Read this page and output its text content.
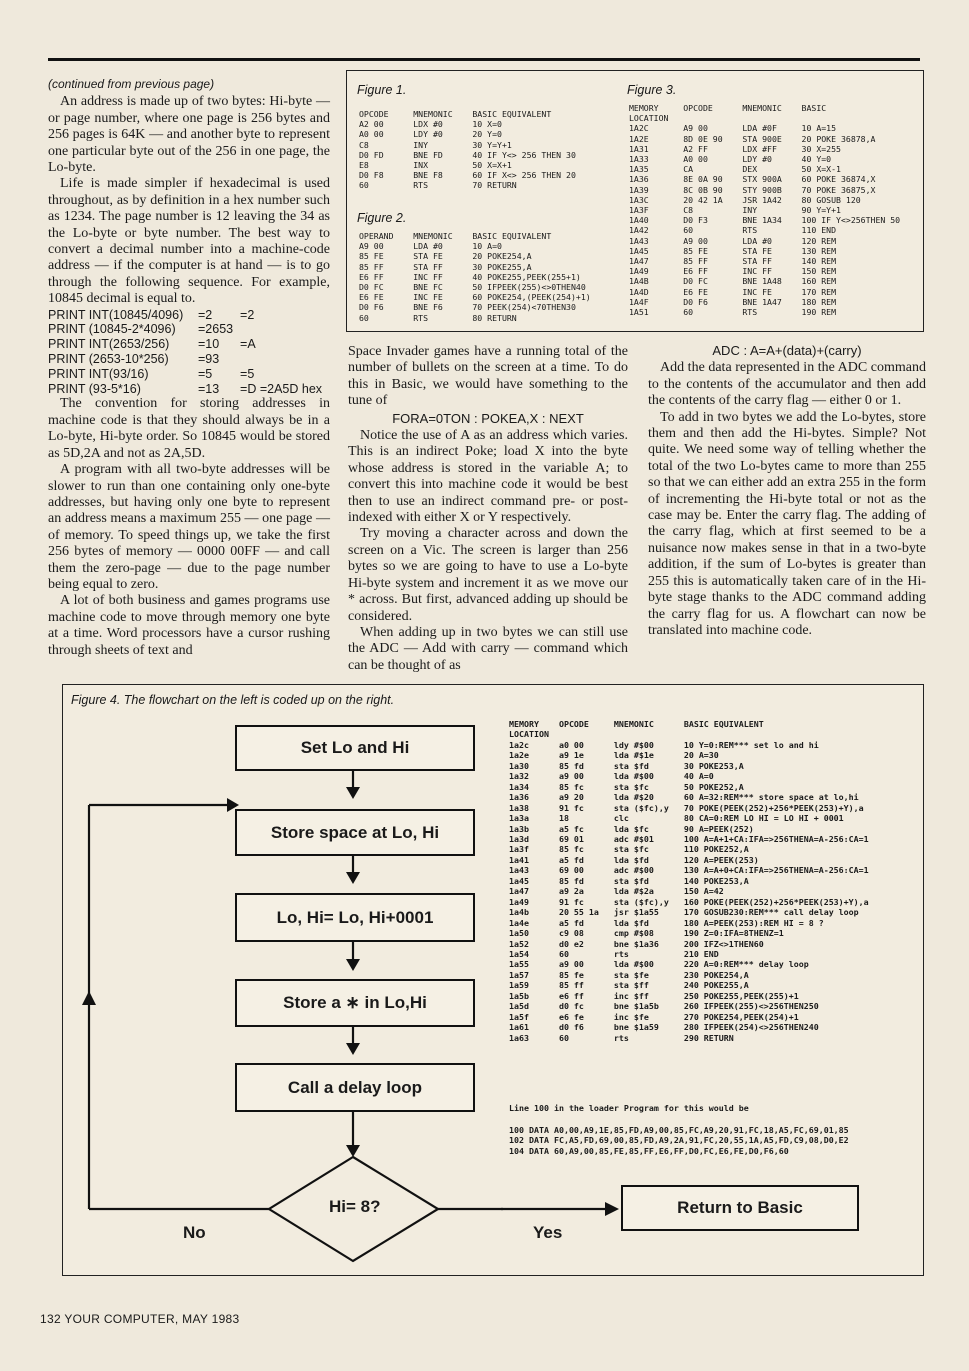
(continued from previous page)

An address is made up of two bytes: Hi-byte — or page number, where one page is 256 bytes and 256 pages is 64K — and another byte to represent one particular byte out of the 256 in one page, the Lo-byte.

Life is made simpler if hexadecimal is used throughout, as by definition in a hex number such as 1234. The page number is 12 leaving the 34 as the Lo-byte or byte number. The best way to convert a decimal number into a machine-code address — if the computer is at hand — is to go through the following sequence. For example, 10845 decimal is equal to.

PRINT INT(10845/4096)	=2        =2
PRINT (10845-2*4096)	=2653
PRINT INT(2653/256)	=10      =A
PRINT (2653-10*256)	=93
PRINT INT(93/16)	=5        =5
PRINT (93-5*16)	=13      =D =2A5D hex

The convention for storing addresses in machine code is that they should always be in a Lo-byte, Hi-byte order. So 10845 would be stored as 5D,2A and not as 2A,5D.

A program with all two-byte addresses will be slower to run than one containing only one-byte addresses, but having only one byte to represent an address means a maximum 255 — one page — of memory. To speed things up, we take the first 256 bytes of memory — 0000 00FF — and call them the zero-page — due to the page number being equal to zero.

A lot of both business and games programs use machine code to move through memory one byte at a time. Word processors have a cursor rushing through sheets of text and

Figure 1.
OPCODE     MNEMONIC    BASIC EQUIVALENT
A2 00      LDX #0      10 X=0
A0 00      LDY #0      20 Y=0
C8         INY         30 Y=Y+1
D0 FD      BNE FD      40 IF Y<> 256 THEN 30
E8         INX         50 X=X+1
D0 F8      BNE F8      60 IF X<> 256 THEN 20
60         RTS         70 RETURN
Figure 2.
OPERAND    MNEMONIC    BASIC EQUIVALENT
A9 00      LDA #0      10 A=0
85 FE      STA FE      20 POKE254,A
85 FF      STA FF      30 POKE255,A
E6 FF      INC FF      40 POKE255,PEEK(255+1)
D0 FC      BNE FC      50 IFPEEK(255)<>0THEN40
E6 FE      INC FE      60 POKE254,(PEEK(254)+1)
D0 F6      BNE F6      70 PEEK(254)<70THEN30
60         RTS         80 RETURN
Figure 3.
MEMORY     OPCODE      MNEMONIC    BASIC
LOCATION
1A2C       A9 00       LDA #0F     10 A=15
1A2E       8D 0E 90    STA 900E    20 POKE 36878,A
1A31       A2 FF       LDX #FF     30 X=255
1A33       A0 00       LDY #0      40 Y=0
1A35       CA          DEX         50 X=X-1
1A36       8E 0A 90    STX 900A    60 POKE 36874,X
1A39       8C 0B 90    STY 900B    70 POKE 36875,X
1A3C       20 42 1A    JSR 1A42    80 GOSUB 120
1A3F       C8          INY         90 Y=Y+1
1A40       D0 F3       BNE 1A34    100 IF Y<>256THEN 50
1A42       60          RTS         110 END
1A43       A9 00       LDA #0      120 REM
1A45       85 FE       STA FE      130 REM
1A47       85 FF       STA FF      140 REM
1A49       E6 FF       INC FF      150 REM
1A4B       D0 FC       BNE 1A48    160 REM
1A4D       E6 FE       INC FE      170 REM
1A4F       D0 F6       BNE 1A47    180 REM
1A51       60          RTS         190 REM

Space Invader games have a running total of the number of bullets on the screen at a time. To do this in Basic, we would have something to the tune of

FORA=0TON : POKEA,X : NEXT

Notice the use of A as an address which varies. This is an indirect Poke; load X into the byte whose address is stored in the variable A; to convert this into machine code it would be best then to use an indirect command pre- or post-indexed with either X or Y respectively.

Try moving a character across and down the screen on a Vic. The screen is larger than 256 bytes so we are going to have to use a Lo-byte Hi-byte system and increment it as we move our * across. But first, advanced adding up should be considered.

When adding up in two bytes we can still use the ADC — Add with carry — command which can be thought of as

ADC : A=A+(data)+(carry)

Add the data represented in the ADC command to the contents of the accumulator and then add the contents of the carry flag — either 0 or 1.

To add in two bytes we add the Lo-bytes, store them and then add the Hi-bytes. Simple? Not quite. We need some way of telling whether the total of the two Lo-bytes came to more than 255 so that we can either add an extra 255 in the form of incrementing the Hi-byte total or not as the case may be. Enter the carry flag. The adding of the carry flag, which at first seemed to be a nuisance now makes sense in that in a two-byte addition, if the sum of Lo-bytes is greater than 255 this is automatically taken care of in the Hi-byte stage thanks to the ADC command adding the carry flag for us. A flowchart can now be translated into machine code.

Figure 4. The flowchart on the left is coded up on the right.
Set Lo and Hi
Store space at Lo, Hi
Lo, Hi= Lo, Hi+0001
Store a ∗ in Lo,Hi
Call a delay loop
Hi= 8?	Return to Basic
No	Yes
MEMORY    OPCODE     MNEMONIC      BASIC EQUIVALENT
LOCATION
1a2c      a0 00      ldy #$00      10 Y=0:REM*** set lo and hi
1a2e      a9 1e      lda #$1e      20 A=30
1a30      85 fd      sta $fd       30 POKE253,A
1a32      a9 00      lda #$00      40 A=0
1a34      85 fc      sta $fc       50 POKE252,A
1a36      a9 20      lda #$20      60 A=32:REM*** store space at lo,hi
1a38      91 fc      sta ($fc),y   70 POKE(PEEK(252)+256*PEEK(253)+Y),a
1a3a      18         clc           80 CA=0:REM LO HI = LO HI + 0001
1a3b      a5 fc      lda $fc       90 A=PEEK(252)
1a3d      69 01      adc #$01      100 A=A+1+CA:IFA=>256THENA=A-256:CA=1
1a3f      85 fc      sta $fc       110 POKE252,A
1a41      a5 fd      lda $fd       120 A=PEEK(253)
1a43      69 00      adc #$00      130 A=A+0+CA:IFA=>256THENA=A-256:CA=1
1a45      85 fd      sta $fd       140 POKE253,A
1a47      a9 2a      lda #$2a      150 A=42
1a49      91 fc      sta ($fc),y   160 POKE(PEEK(252)+256*PEEK(253)+Y),a
1a4b      20 55 1a   jsr $1a55     170 GOSUB230:REM*** call delay loop
1a4e      a5 fd      lda $fd       180 A=PEEK(253):REM HI = 8 ?
1a50      c9 08      cmp #$08      190 Z=0:IFA=8THENZ=1
1a52      d0 e2      bne $1a36     200 IFZ<>1THEN60
1a54      60         rts           210 END
1a55      a9 00      lda #$00      220 A=0:REM*** delay loop
1a57      85 fe      sta $fe       230 POKE254,A
1a59      85 ff      sta $ff       240 POKE255,A
1a5b      e6 ff      inc $ff       250 POKE255,PEEK(255)+1
1a5d      d0 fc      bne $1a5b     260 IFPEEK(255)<>256THEN250
1a5f      e6 fe      inc $fe       270 POKE254,PEEK(254)+1
1a61      d0 f6      bne $1a59     280 IFPEEK(254)<>256THEN240
1a63      60         rts           290 RETURN
Line 100 in the loader Program for this would be
100 DATA A0,00,A9,1E,85,FD,A9,00,85,FC,A9,20,91,FC,18,A5,FC,69,01,85
102 DATA FC,A5,FD,69,00,85,FD,A9,2A,91,FC,20,55,1A,A5,FD,C9,08,D0,E2
104 DATA 60,A9,00,85,FE,85,FF,E6,FF,D0,FC,E6,FE,D0,F6,60
132 YOUR COMPUTER, MAY 1983
